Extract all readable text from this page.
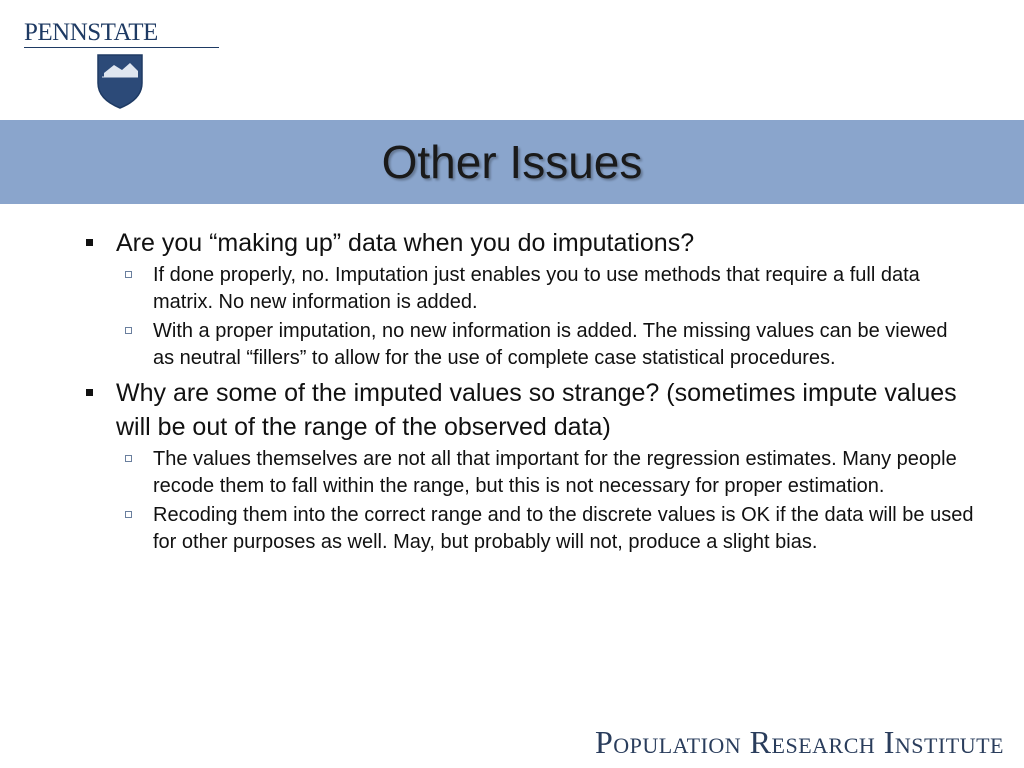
PENNSTATE
Other Issues
Are you “making up” data when you do imputations?
If done properly, no. Imputation just enables you to use methods that require a full data matrix. No new information is added.
With a proper imputation, no new information is added. The missing values can be viewed as neutral “fillers” to allow for the use of complete case statistical procedures.
Why are some of the imputed values so strange? (sometimes impute values will be out of the range of the observed data)
The values themselves are not all that important for the regression estimates. Many people recode them to fall within the range, but this is not necessary for proper estimation.
Recoding them into the correct range and to the discrete values is OK if the data will be used for other purposes as well. May, but probably will not, produce a slight bias.
Population Research Institute
